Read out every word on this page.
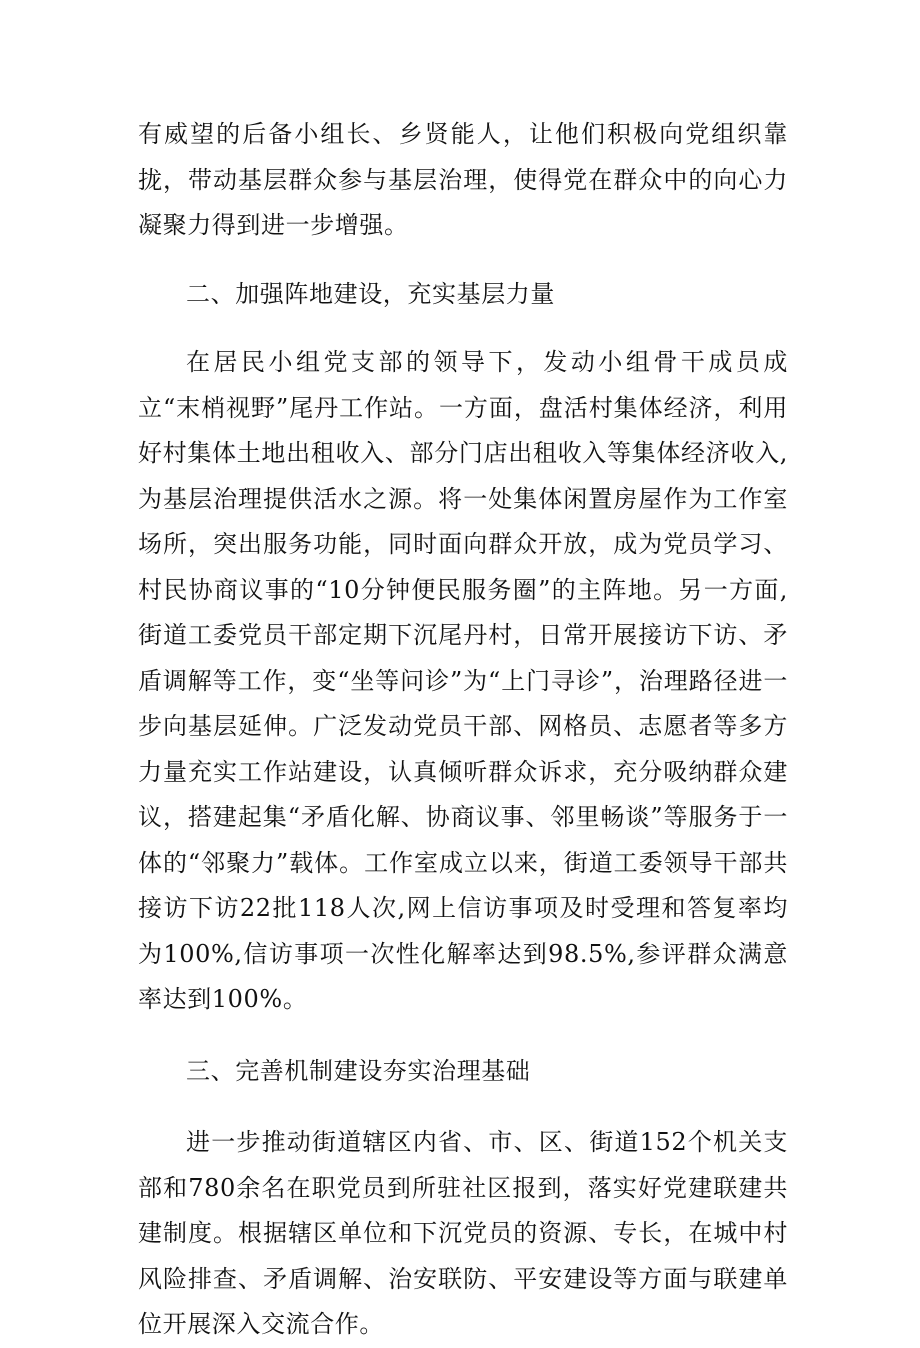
有威望的后备小组长、乡贤能人，让他们积极向党组织靠拢，带动基层群众参与基层治理，使得党在群众中的向心力凝聚力得到进一步增强。

二、加强阵地建设，充实基层力量

在居民小组党支部的领导下，发动小组骨干成员成立“末梢视野”尾丹工作站。一方面，盘活村集体经济，利用好村集体土地出租收入、部分门店出租收入等集体经济收入,为基层治理提供活水之源。将一处集体闲置房屋作为工作室场所，突出服务功能，同时面向群众开放，成为党员学习、村民协商议事的“10分钟便民服务圈”的主阵地。另一方面,街道工委党员干部定期下沉尾丹村，日常开展接访下访、矛盾调解等工作，变“坐等问诊”为“上门寻诊”，治理路径进一步向基层延伸。广泛发动党员干部、网格员、志愿者等多方力量充实工作站建设，认真倾听群众诉求，充分吸纳群众建议，搭建起集“矛盾化解、协商议事、邻里畅谈”等服务于一体的“邻聚力”载体。工作室成立以来，街道工委领导干部共接访下访22批118人次,网上信访事项及时受理和答复率均为100%,信访事项一次性化解率达到98.5%,参评群众满意率达到100%。

三、完善机制建设夯实治理基础

进一步推动街道辖区内省、市、区、街道152个机关支部和780余名在职党员到所驻社区报到，落实好党建联建共建制度。根据辖区单位和下沉党员的资源、专长，在城中村风险排查、矛盾调解、治安联防、平安建设等方面与联建单位开展深入交流合作。
